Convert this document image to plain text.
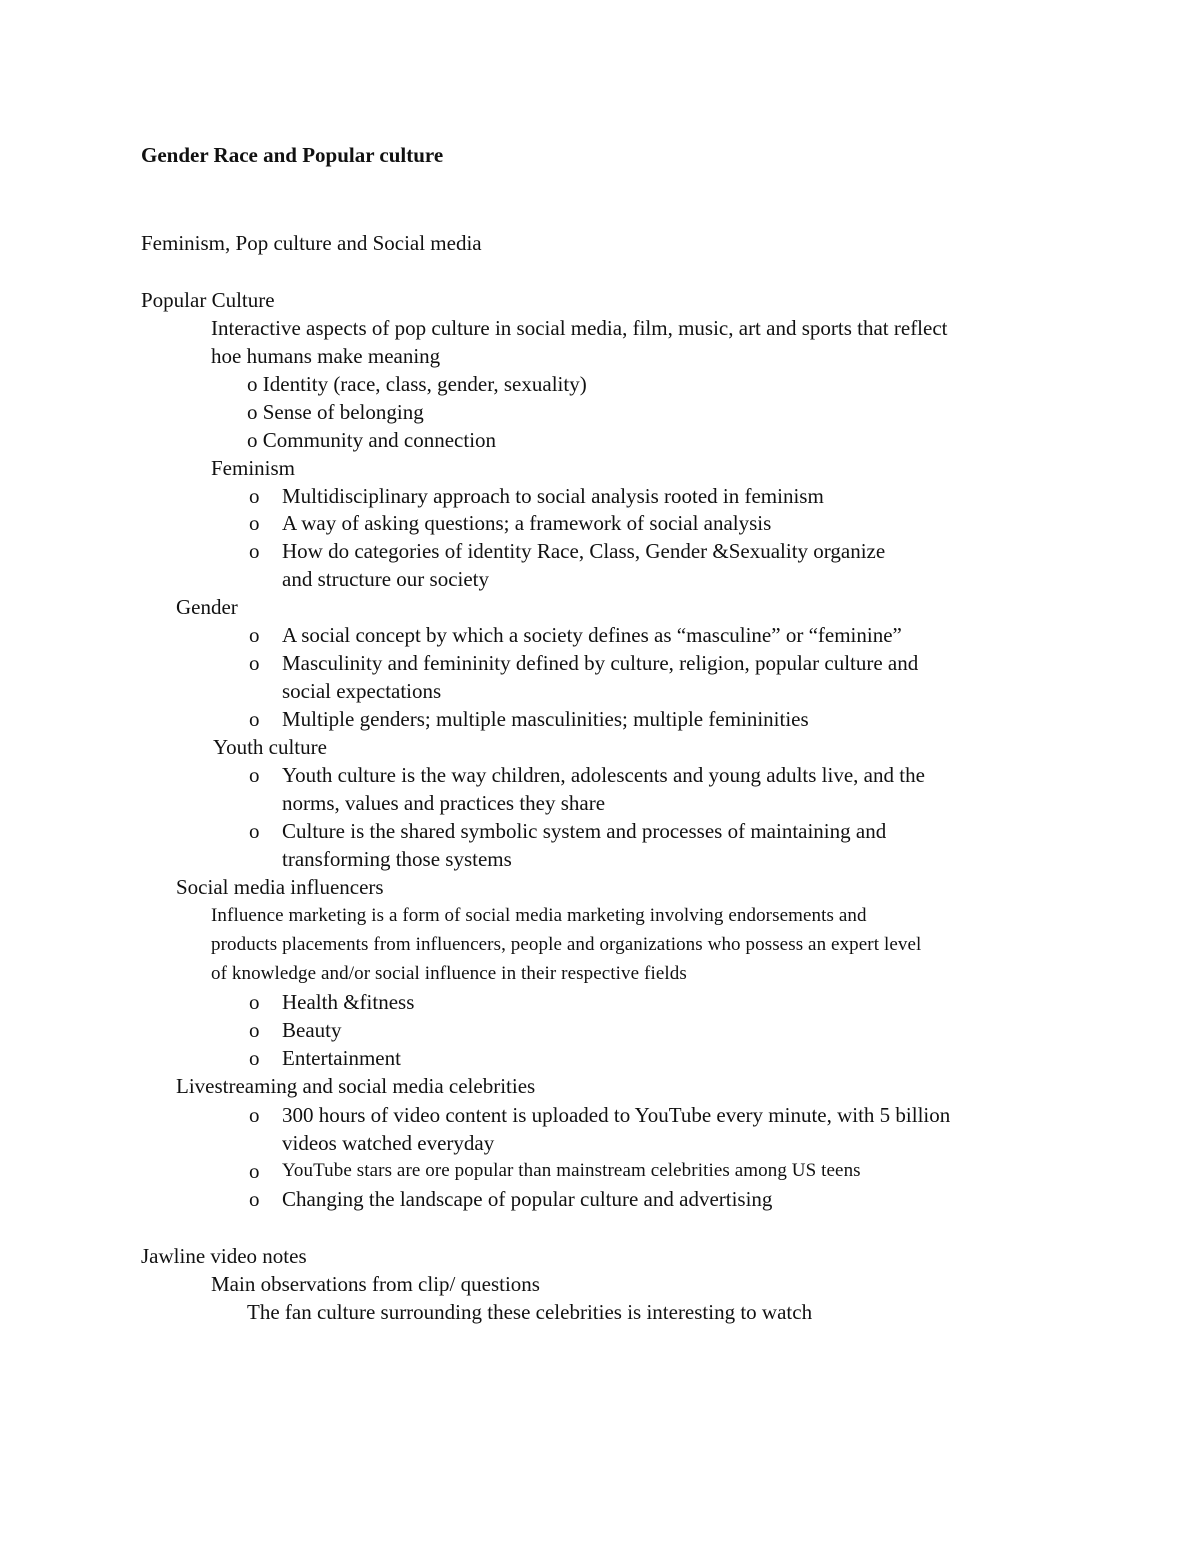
Gender Race and Popular culture
Feminism, Pop culture and Social media
Popular Culture
Interactive aspects of pop culture in social media, film, music, art and sports that reflect
hoe humans make meaning
o Identity (race, class, gender, sexuality)
o Sense of belonging
o Community and connection
Feminism
o Multidisciplinary approach to social analysis rooted in feminism
o A way of asking questions; a framework of social analysis
o How do categories of identity Race, Class, Gender &Sexuality organize
and structure our society
Gender
o A social concept by which a society defines as “masculine” or “feminine”
o Masculinity and femininity defined by culture, religion, popular culture and
social expectations
o Multiple genders; multiple masculinities; multiple femininities
Youth culture
o Youth culture is the way children, adolescents and young adults live, and the
norms, values and practices they share
o Culture is the shared symbolic system and processes of maintaining and
transforming those systems
Social media influencers
Influence marketing is a form of social media marketing involving endorsements and
products placements from influencers, people and organizations who possess an expert level
of knowledge and/or social influence in their respective fields
o Health &fitness
o Beauty
o Entertainment
Livestreaming and social media celebrities
o 300 hours of video content is uploaded to YouTube every minute, with 5 billion
videos watched everyday
o YouTube stars are ore popular than mainstream celebrities among US teens
o Changing the landscape of popular culture and advertising
Jawline video notes
Main observations from clip/ questions
The fan culture surrounding these celebrities is interesting to watch
